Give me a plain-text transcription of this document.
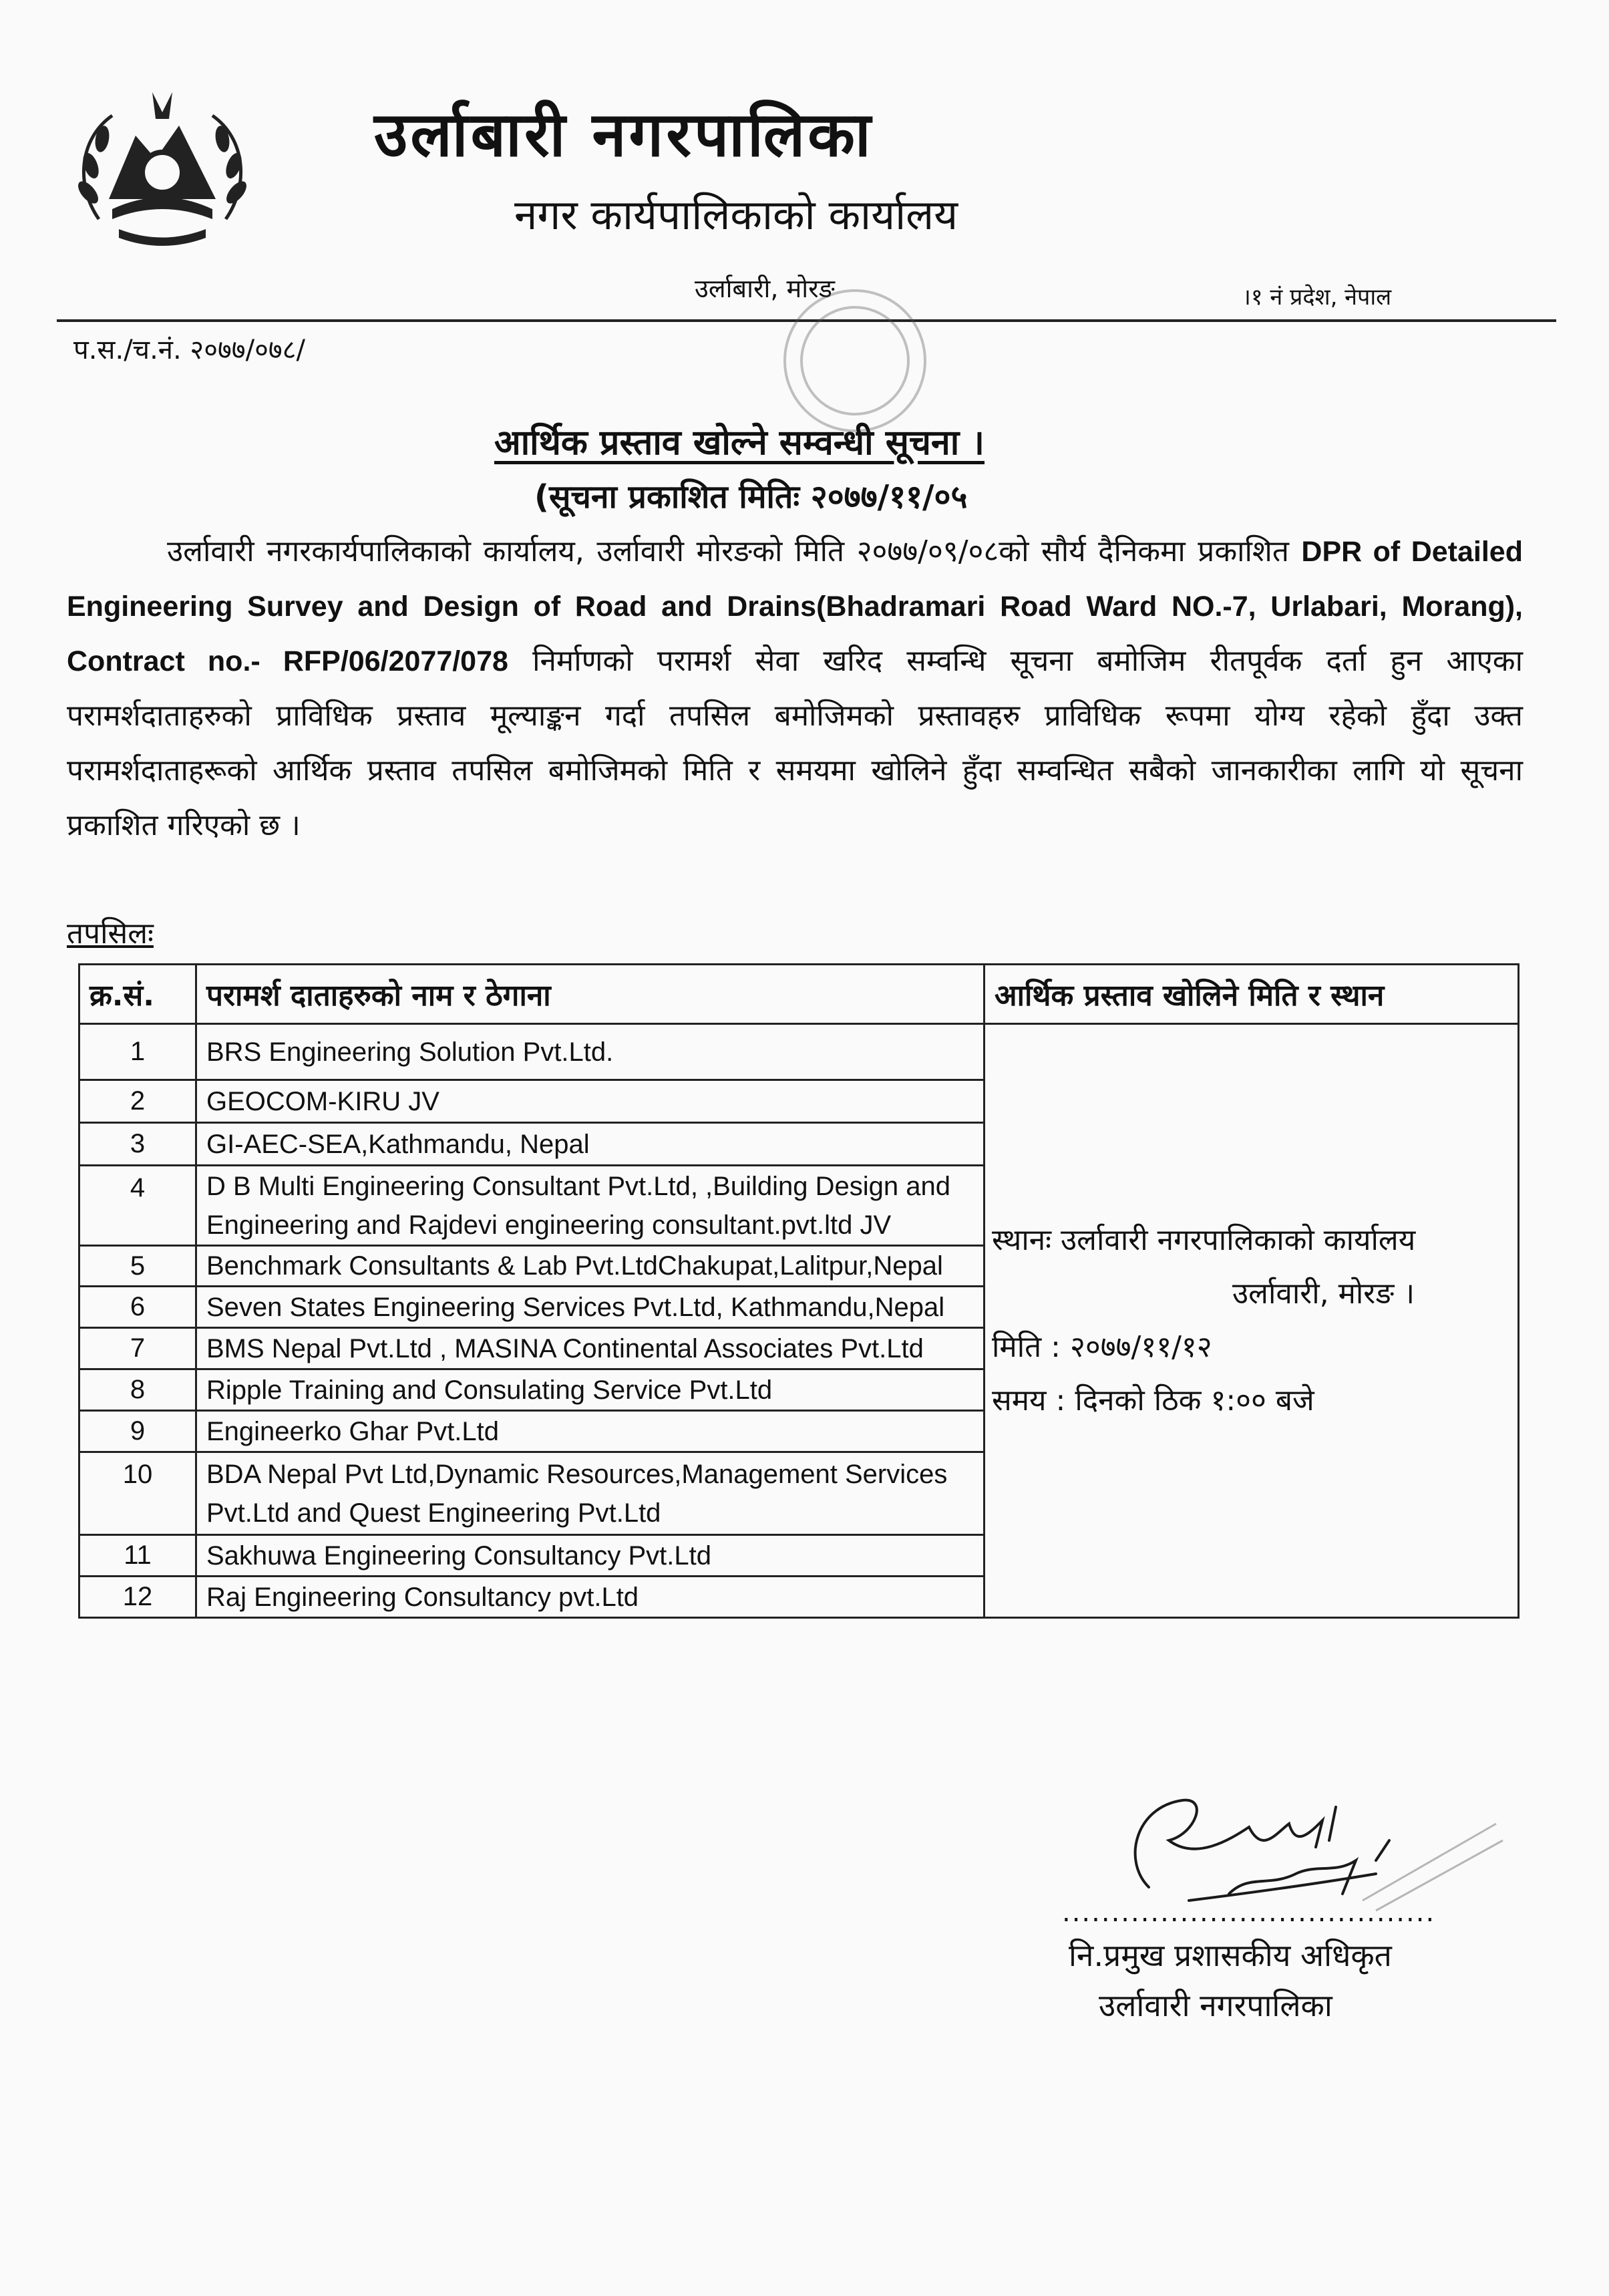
उर्लाबारी नगरपालिका
नगर कार्यपालिकाको कार्यालय
उर्लाबारी, मोरङ	।१ नं प्रदेश, नेपाल
प.स./च.नं. २०७७/०७८/
आर्थिक प्रस्ताव खोल्ने सम्वन्धी सूचना ।
(सूचना प्रकाशित मितिः २०७७/११/०५
उर्लावारी नगरकार्यपालिकाको कार्यालय, उर्लावारी मोरङको मिति २०७७/०९/०८को सौर्य दैनिकमा प्रकाशित DPR of Detailed Engineering Survey and Design of Road and Drains(Bhadramari Road Ward NO.-7, Urlabari, Morang), Contract no.- RFP/06/2077/078 निर्माणको परामर्श सेवा खरिद सम्वन्धि सूचना बमोजिम रीतपूर्वक दर्ता हुन आएका परामर्शदाताहरुको प्राविधिक प्रस्ताव मूल्याङ्कन गर्दा तपसिल बमोजिमको प्रस्तावहरु प्राविधिक रूपमा योग्य रहेको हुँदा उक्त परामर्शदाताहरूको आर्थिक प्रस्ताव तपसिल बमोजिमको मिति र समयमा खोलिने हुँदा सम्वन्धित सबैको जानकारीका लागि यो सूचना प्रकाशित गरिएको छ ।
तपसिलः
क्र.सं.	परामर्श दाताहरुको नाम र ठेगाना	आर्थिक प्रस्ताव खोलिने मिति र स्थान
1	BRS Engineering Solution Pvt.Ltd.	स्थानः उर्लावारी नगरपालिकाको कार्यालय
उर्लावारी, मोरङ ।
मिति : २०७७/११/१२
समय : दिनको ठिक १:०० बजे

2	GEOCOM-KIRU JV	
3	GI-AEC-SEA,Kathmandu, Nepal	
4	D B Multi Engineering Consultant Pvt.Ltd, ,Building Design and Engineering and Rajdevi engineering consultant.pvt.ltd JV	
5	Benchmark Consultants & Lab Pvt.LtdChakupat,Lalitpur,Nepal	
6	Seven States Engineering Services Pvt.Ltd, Kathmandu,Nepal	
7	BMS Nepal Pvt.Ltd , MASINA Continental Associates Pvt.Ltd	
8	Ripple Training and Consulating Service Pvt.Ltd	
9	Engineerko Ghar Pvt.Ltd	
10	BDA Nepal Pvt Ltd,Dynamic Resources,Management Services Pvt.Ltd and Quest Engineering Pvt.Ltd	
11	Sakhuwa Engineering Consultancy Pvt.Ltd	
12	Raj Engineering Consultancy pvt.Ltd	
......................................
नि.प्रमुख प्रशासकीय अधिकृत
उर्लावारी नगरपालिका
